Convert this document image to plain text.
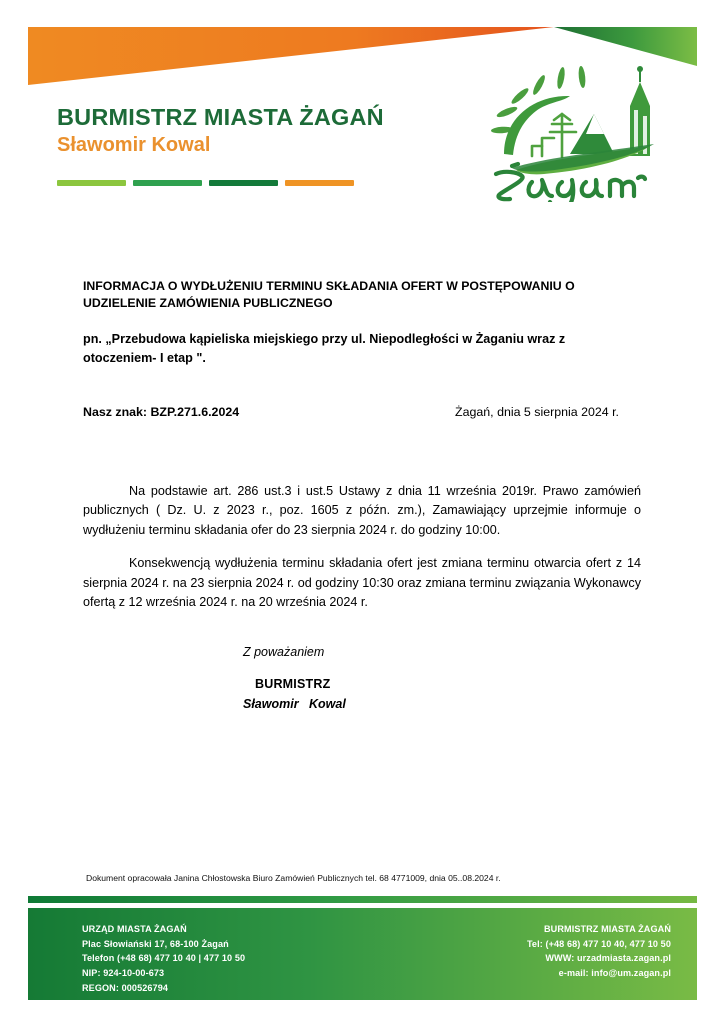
BURMISTRZ MIASTA ŻAGAŃ
Sławomir Kowal
INFORMACJA O WYDŁUŻENIU TERMINU SKŁADANIA OFERT W POSTĘPOWANIU O
UDZIELENIE ZAMÓWIENIA PUBLICZNEGO
pn. „Przebudowa kąpieliska miejskiego przy ul. Niepodległości w Żaganiu wraz z otoczeniem- I etap ".
Nasz znak: BZP.271.6.2024	Żagań, dnia 5 sierpnia 2024 r.

Na podstawie art. 286 ust.3 i ust.5 Ustawy z dnia 11 września 2019r. Prawo zamówień publicznych ( Dz. U. z 2023 r., poz. 1605 z późn. zm.), Zamawiający uprzejmie informuje o wydłużeniu terminu składania ofer do 23 sierpnia 2024 r. do godziny 10:00.

Konsekwencją wydłużenia terminu składania ofert jest zmiana terminu otwarcia ofert z 14 sierpnia 2024 r. na 23 sierpnia 2024 r. od godziny 10:30 oraz zmiana terminu związania Wykonawcy ofertą z 12 września 2024 r. na 20 września 2024 r.

Z poważaniem
BURMISTRZ
Sławomir   Kowal
Dokument opracowała Janina Chłostowska Biuro Zamówień Publicznych tel. 68 4771009, dnia 05..08.2024 r.
URZĄD MIASTA ŻAGAŃ
Plac Słowiański 17, 68-100 Żagań
Telefon (+48 68) 477 10 40 | 477 10 50
NIP: 924-10-00-673
REGON: 000526794
BURMISTRZ MIASTA ŻAGAŃ
Tel: (+48 68) 477 10 40, 477 10 50
WWW: urzadmiasta.zagan.pl
e-mail: info@um.zagan.pl
